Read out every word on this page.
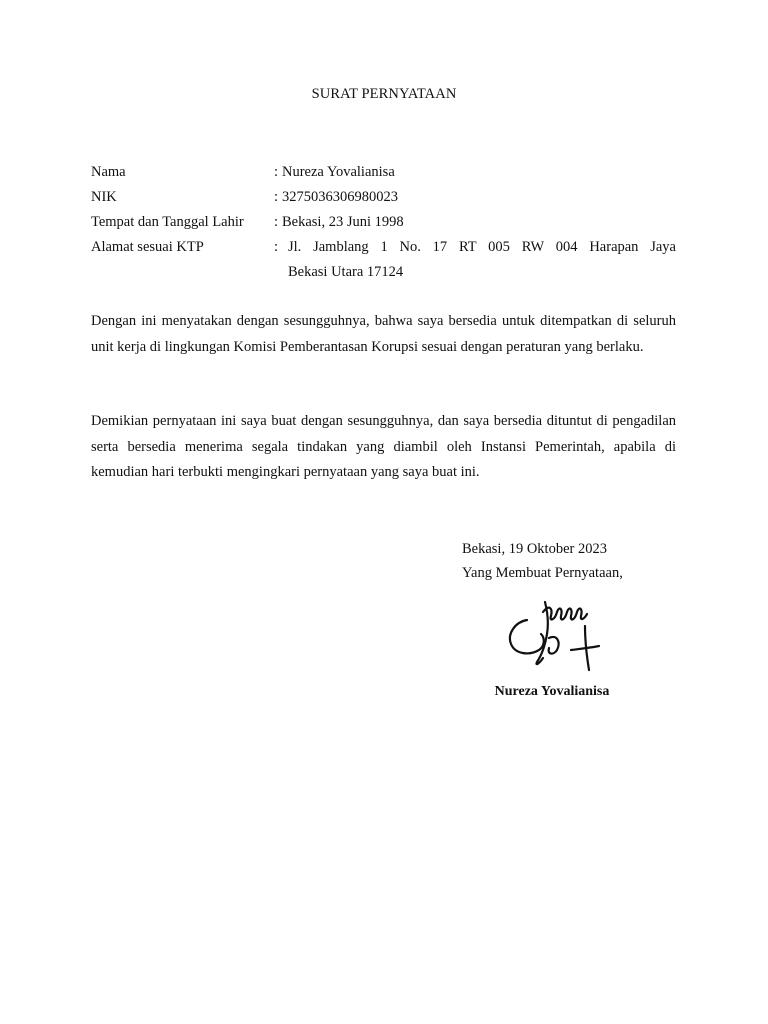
SURAT PERNYATAAN
Nama	: Nureza Yovalianisa
NIK	: 3275036306980023
Tempat dan Tanggal Lahir	: Bekasi, 23 Juni 1998
Alamat sesuai KTP	: Jl. Jamblang 1 No. 17 RT 005 RW 004 Harapan Jaya
Bekasi Utara 17124
Dengan ini menyatakan dengan sesungguhnya, bahwa saya bersedia untuk ditempatkan di seluruh unit kerja di lingkungan Komisi Pemberantasan Korupsi sesuai dengan peraturan yang berlaku.
Demikian pernyataan ini saya buat dengan sesungguhnya, dan saya bersedia dituntut di pengadilan serta bersedia menerima segala tindakan yang diambil oleh Instansi Pemerintah, apabila di kemudian hari terbukti mengingkari pernyataan yang saya buat ini.
Bekasi, 19 Oktober 2023
Yang Membuat Pernyataan,
Nureza Yovalianisa
